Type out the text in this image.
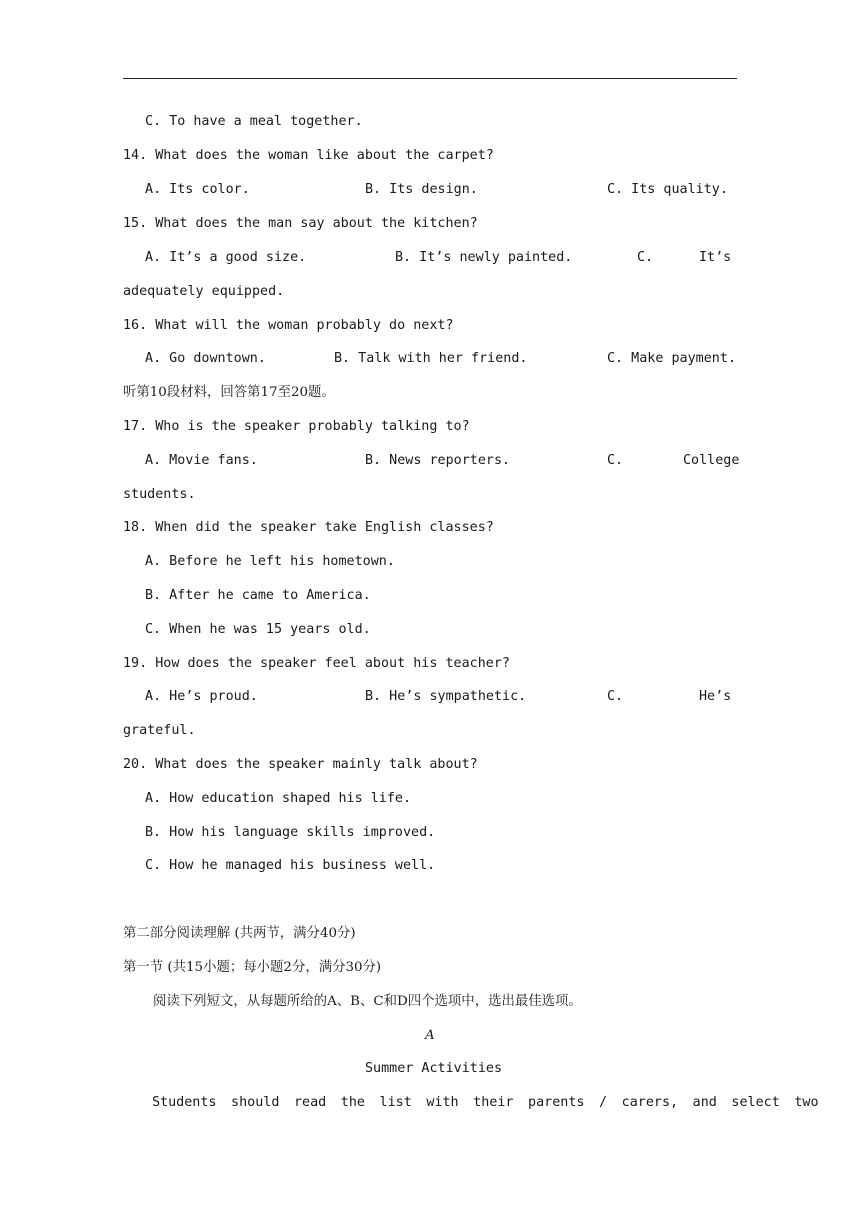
C. To have a meal together.
14. What does the woman like about the carpet?
A. Its color.	B. Its design.	C. Its quality.
15. What does the man say about the kitchen?
A. It’s a good size.	B. It’s newly painted.	C.	It’s
adequately equipped.
16. What will the woman probably do next?
A. Go downtown.	B. Talk with her friend.	C. Make payment.
听第10段材料，回答第17至20题。
17. Who is the speaker probably talking to?
A. Movie fans.	B. News reporters.	C.	College
students.
18. When did the speaker take English classes?
A. Before he left his hometown.
B. After he came to America.
C. When he was 15 years old.
19. How does the speaker feel about his teacher?
A. He’s proud.	B. He’s sympathetic.	C.	He’s
grateful.
20. What does the speaker mainly talk about?
A. How education shaped his life.
B. How his language skills improved.
C. How he managed his business well.
第二部分阅读理解 (共两节，满分40分)
第一节 (共15小题；每小题2分，满分30分)
阅读下列短文，从每题所给的A、B、C和D四个选项中，选出最佳选项。
A
Summer Activities
Students should read the list with their parents / carers, and select two
